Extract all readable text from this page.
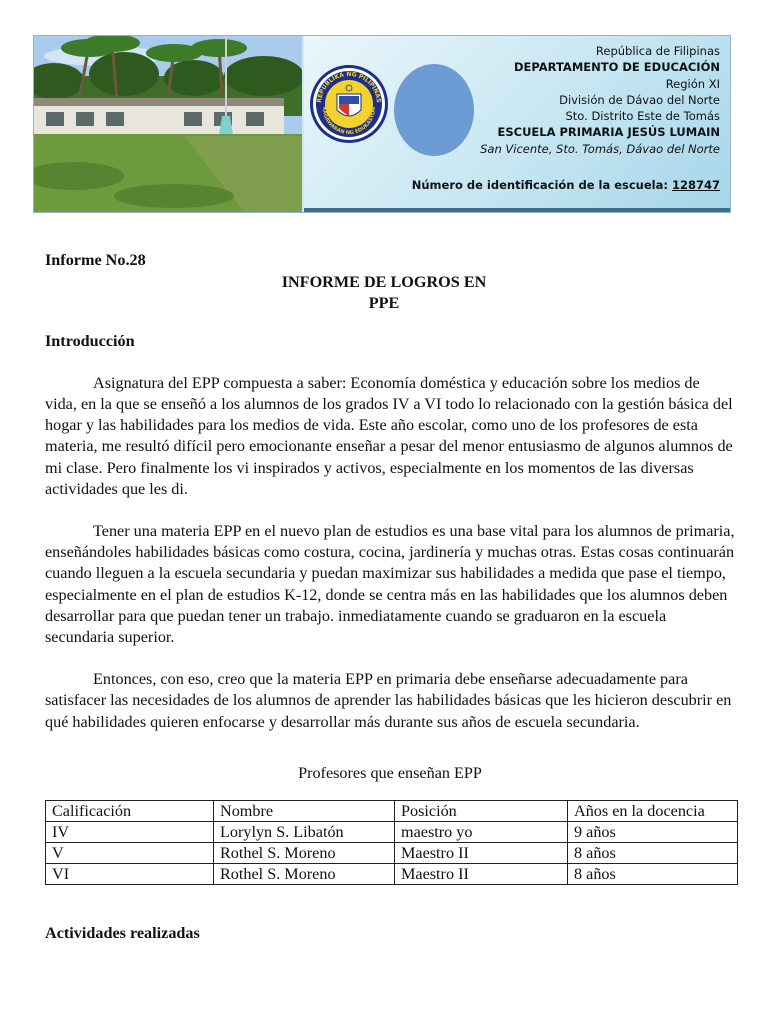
REPUBLIKA NG PILIPINAS
KAGAWARAN NG EDUKASYON
República de Filipinas
DEPARTAMENTO DE EDUCACIÓN
Región XI
División de Dávao del Norte
Sto. Distrito Este de Tomás
ESCUELA PRIMARIA JESÚS LUMAIN
San Vicente, Sto. Tomás, Dávao del Norte
Número de identificación de la escuela: 128747

Informe No.28

INFORME DE LOGROS EN

PPE

Introducción

Asignatura del EPP compuesta a saber: Economía doméstica y educación sobre los medios de vida, en la que se enseñó a los alumnos de los grados IV a VI todo lo relacionado con la gestión básica del hogar y las habilidades para los medios de vida. Este año escolar, como uno de los profesores de esta materia, me resultó difícil pero emocionante enseñar a pesar del menor entusiasmo de algunos alumnos de mi clase. Pero finalmente los vi inspirados y activos, especialmente en los momentos de las diversas actividades que les di.

Tener una materia EPP en el nuevo plan de estudios es una base vital para los alumnos de primaria, enseñándoles habilidades básicas como costura, cocina, jardinería y muchas otras. Estas cosas continuarán cuando lleguen a la escuela secundaria y puedan maximizar sus habilidades a medida que pase el tiempo, especialmente en el plan de estudios K-12, donde se centra más en las habilidades que los alumnos deben desarrollar para que puedan tener un trabajo. inmediatamente cuando se graduaron en la escuela secundaria superior.

Entonces, con eso, creo que la materia EPP en primaria debe enseñarse adecuadamente para satisfacer las necesidades de los alumnos de aprender las habilidades básicas que les hicieron descubrir en qué habilidades quieren enfocarse y desarrollar más durante sus años de escuela secundaria.

Profesores que enseñan EPP

Calificación	Nombre	Posición	Años en la docencia
IV	Lorylyn S. Libatón	maestro yo	9 años
V	Rothel S. Moreno	Maestro II	8 años
VI	Rothel S. Moreno	Maestro II	8 años

Actividades realizadas
